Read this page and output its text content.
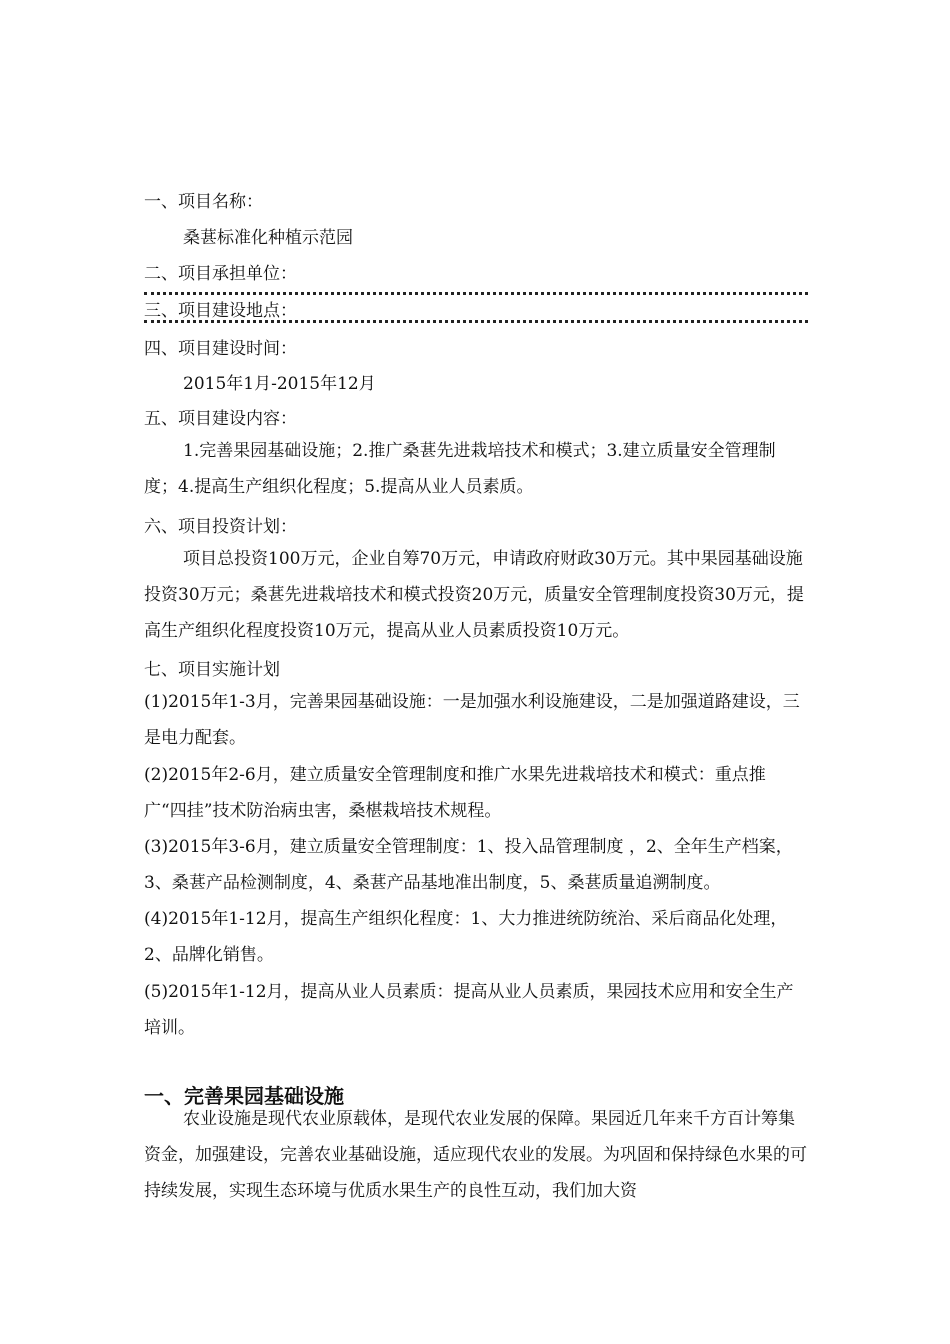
一、项目名称：
桑葚标准化种植示范园
二、项目承担单位：
三、项目建设地点：
四、项目建设时间：
2015年1月-2015年12月
五、项目建设内容：
1.完善果园基础设施；2.推广桑葚先进栽培技术和模式；3.建立质量安全管理制度；4.提高生产组织化程度；5.提高从业人员素质。
六、项目投资计划：
项目总投资100万元，企业自筹70万元，申请政府财政30万元。其中果园基础设施投资30万元；桑葚先进栽培技术和模式投资20万元，质量安全管理制度投资30万元，提高生产组织化程度投资10万元，提高从业人员素质投资10万元。
七、项目实施计划
(1)2015年1-3月，完善果园基础设施：一是加强水利设施建设，二是加强道路建设，三是电力配套。
(2)2015年2-6月，建立质量安全管理制度和推广水果先进栽培技术和模式：重点推广“四挂”技术防治病虫害，桑椹栽培技术规程。
(3)2015年3-6月，建立质量安全管理制度：1、投入品管理制度 ，2、全年生产档案，3、桑葚产品检测制度，4、桑葚产品基地准出制度，5、桑葚质量追溯制度。
(4)2015年1-12月，提高生产组织化程度：1、大力推进统防统治、采后商品化处理，2、品牌化销售。
(5)2015年1-12月，提高从业人员素质：提高从业人员素质，果园技术应用和安全生产培训。
一、完善果园基础设施
农业设施是现代农业原载体，是现代农业发展的保障。果园近几年来千方百计筹集资金，加强建设，完善农业基础设施，适应现代农业的发展。为巩固和保持绿色水果的可持续发展，实现生态环境与优质水果生产的良性互动，我们加大资
